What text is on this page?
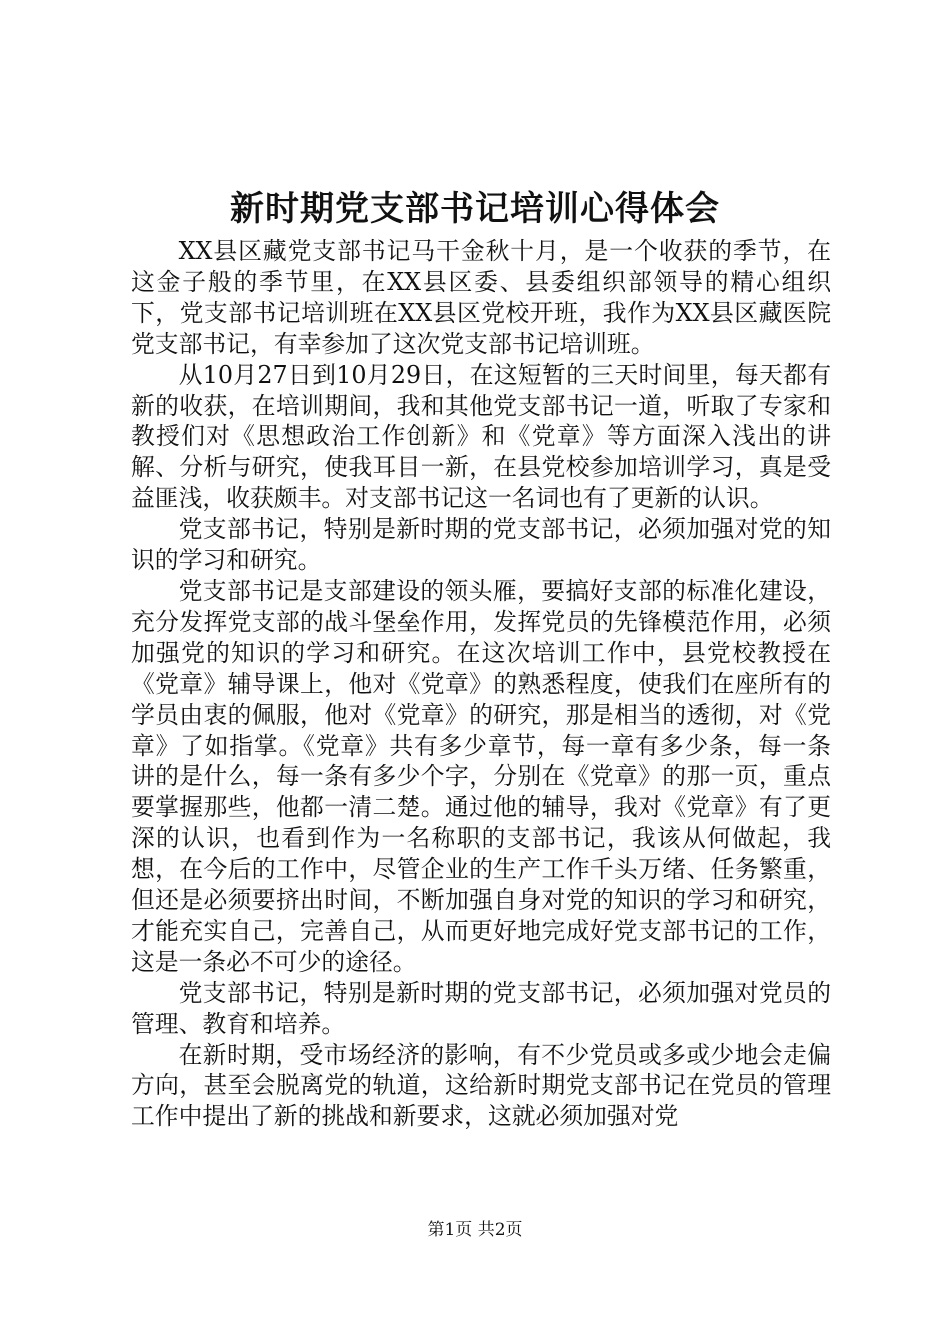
新时期党支部书记培训心得体会

XX县区藏党支部书记马干金秋十月，是一个收获的季节，在这金子般的季节里，在XX县区委、县委组织部领导的精心组织下，党支部书记培训班在XX县区党校开班，我作为XX县区藏医院党支部书记，有幸参加了这次党支部书记培训班。

从10月27日到10月29日，在这短暂的三天时间里，每天都有新的收获，在培训期间，我和其他党支部书记一道，听取了专家和教授们对《思想政治工作创新》和《党章》等方面深入浅出的讲解、分析与研究，使我耳目一新，在县党校参加培训学习，真是受益匪浅，收获颇丰。对支部书记这一名词也有了更新的认识。

党支部书记，特别是新时期的党支部书记，必须加强对党的知识的学习和研究。

党支部书记是支部建设的领头雁，要搞好支部的标准化建设，充分发挥党支部的战斗堡垒作用，发挥党员的先锋模范作用，必须加强党的知识的学习和研究。在这次培训工作中，县党校教授在《党章》辅导课上，他对《党章》的熟悉程度，使我们在座所有的学员由衷的佩服，他对《党章》的研究，那是相当的透彻，对《党章》了如指掌。《党章》共有多少章节，每一章有多少条，每一条讲的是什么，每一条有多少个字，分别在《党章》的那一页，重点要掌握那些，他都一清二楚。通过他的辅导，我对《党章》有了更深的认识，也看到作为一名称职的支部书记，我该从何做起，我想，在今后的工作中，尽管企业的生产工作千头万绪、任务繁重，但还是必须要挤出时间，不断加强自身对党的知识的学习和研究，才能充实自己，完善自己，从而更好地完成好党支部书记的工作，这是一条必不可少的途径。

党支部书记，特别是新时期的党支部书记，必须加强对党员的管理、教育和培养。

在新时期，受市场经济的影响，有不少党员或多或少地会走偏方向，甚至会脱离党的轨道，这给新时期党支部书记在党员的管理工作中提出了新的挑战和新要求，这就必须加强对党

第1页 共2页
